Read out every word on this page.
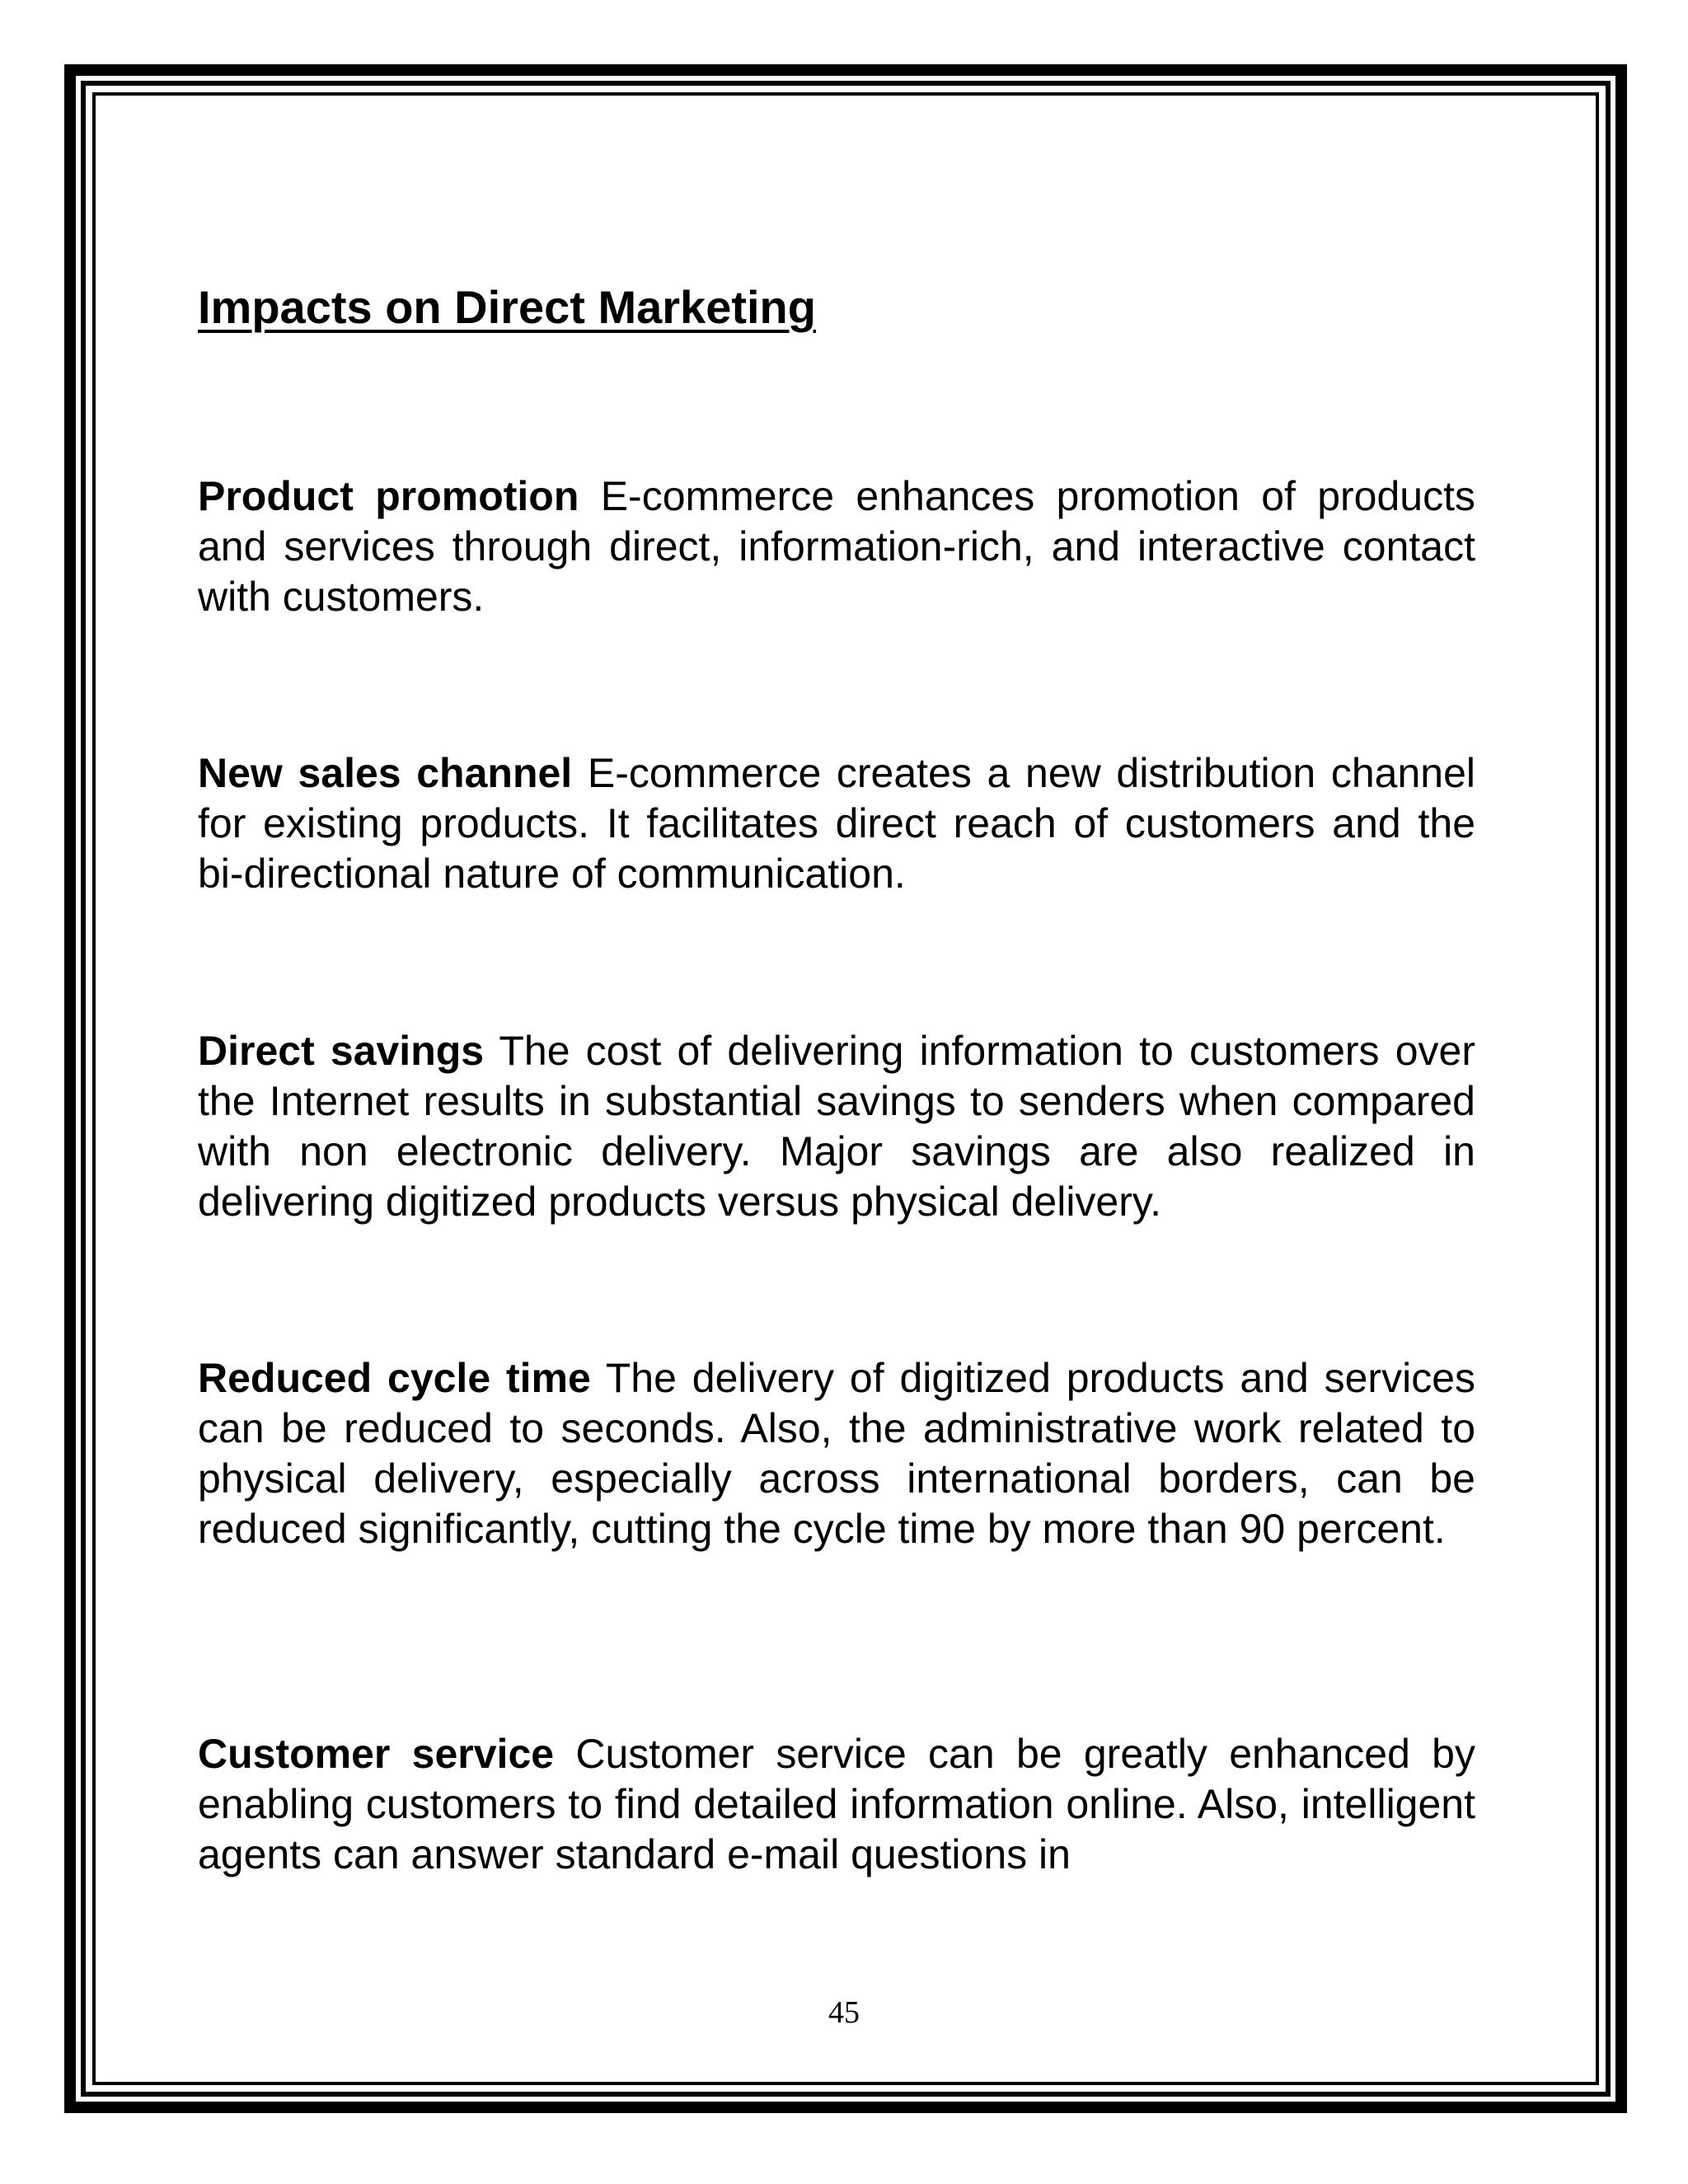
Impacts on Direct Marketing

Product promotion E-commerce enhances promotion of products and services through direct, information-rich, and interactive contact with customers.

New sales channel E-commerce creates a new distribution channel for existing products. It facilitates direct reach of customers and the bi-directional nature of communication.

Direct savings The cost of delivering information to customers over the Internet results in substantial savings to senders when compared with non electronic delivery. Major savings are also realized in delivering digitized products versus physical delivery.

Reduced cycle time The delivery of digitized products and services can be reduced to seconds. Also, the administrative work related to physical delivery, especially across international borders, can be reduced significantly, cutting the cycle time by more than 90 percent.

Customer service Customer service can be greatly enhanced by enabling customers to find detailed information online. Also, intelligent agents can answer standard e-mail questions in

45
